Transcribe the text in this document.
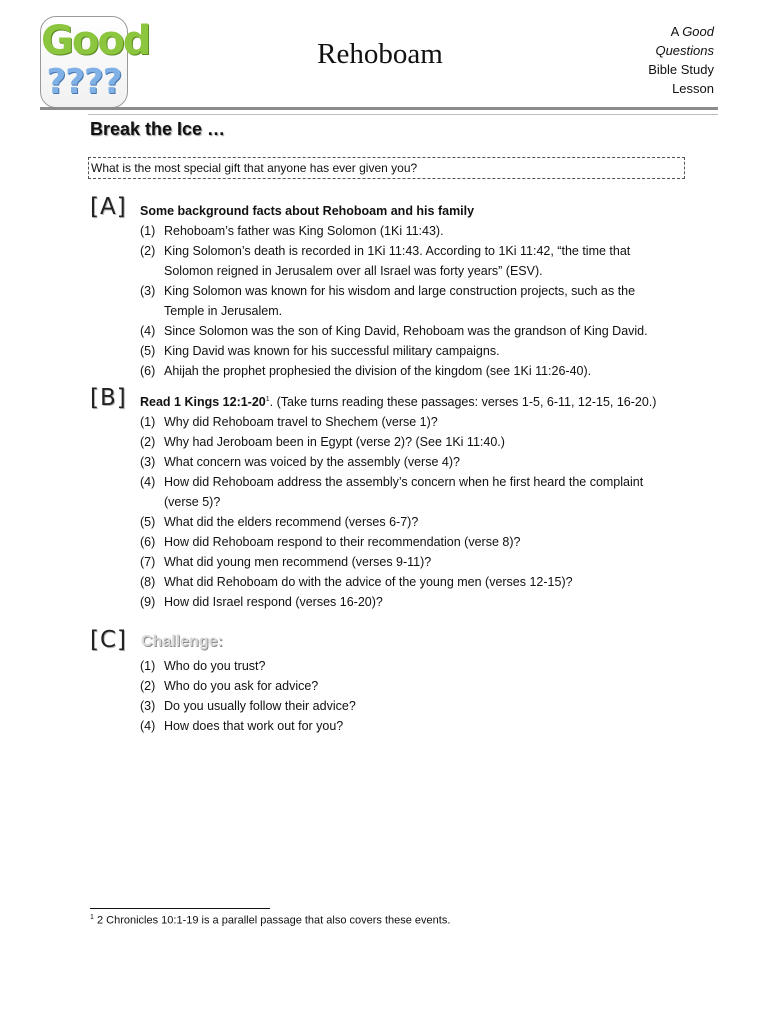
Good
????
Rehoboam
A Good
Questions
Bible Study
Lesson
Break the Ice …
What is the most special gift that anyone has ever given you?
[A] Some background facts about Rehoboam and his family
(1) Rehoboam’s father was King Solomon (1Ki 11:43).
(2) King Solomon’s death is recorded in 1Ki 11:43. According to 1Ki 11:42, “the time that Solomon reigned in Jerusalem over all Israel was forty years” (ESV).
(3) King Solomon was known for his wisdom and large construction projects, such as the Temple in Jerusalem.
(4) Since Solomon was the son of King David, Rehoboam was the grandson of King David.
(5) King David was known for his successful military campaigns.
(6) Ahijah the prophet prophesied the division of the kingdom (see 1Ki 11:26-40).
[B] Read 1 Kings $12:1-20^1$. (Take turns reading these passages: verses 1-5, 6-11, 12-15, 16-20.)
(1) Why did Rehoboam travel to Shechem (verse 1)?
(2) Why had Jeroboam been in Egypt (verse 2)? (See 1Ki 11:40.)
(3) What concern was voiced by the assembly (verse 4)?
(4) How did Rehoboam address the assembly’s concern when he first heard the complaint (verse 5)?
(5) What did the elders recommend (verses 6-7)?
(6) How did Rehoboam respond to their recommendation (verse 8)?
(7) What did young men recommend (verses 9-11)?
(8) What did Rehoboam do with the advice of the young men (verses 12-15)?
(9) How did Israel respond (verses 16-20)?
[C] Challenge:
(1) Who do you trust?
(2) Who do you ask for advice?
(3) Do you usually follow their advice?
(4) How does that work out for you?
$^1$ 2 Chronicles 10:1-19 is a parallel passage that also covers these events.
